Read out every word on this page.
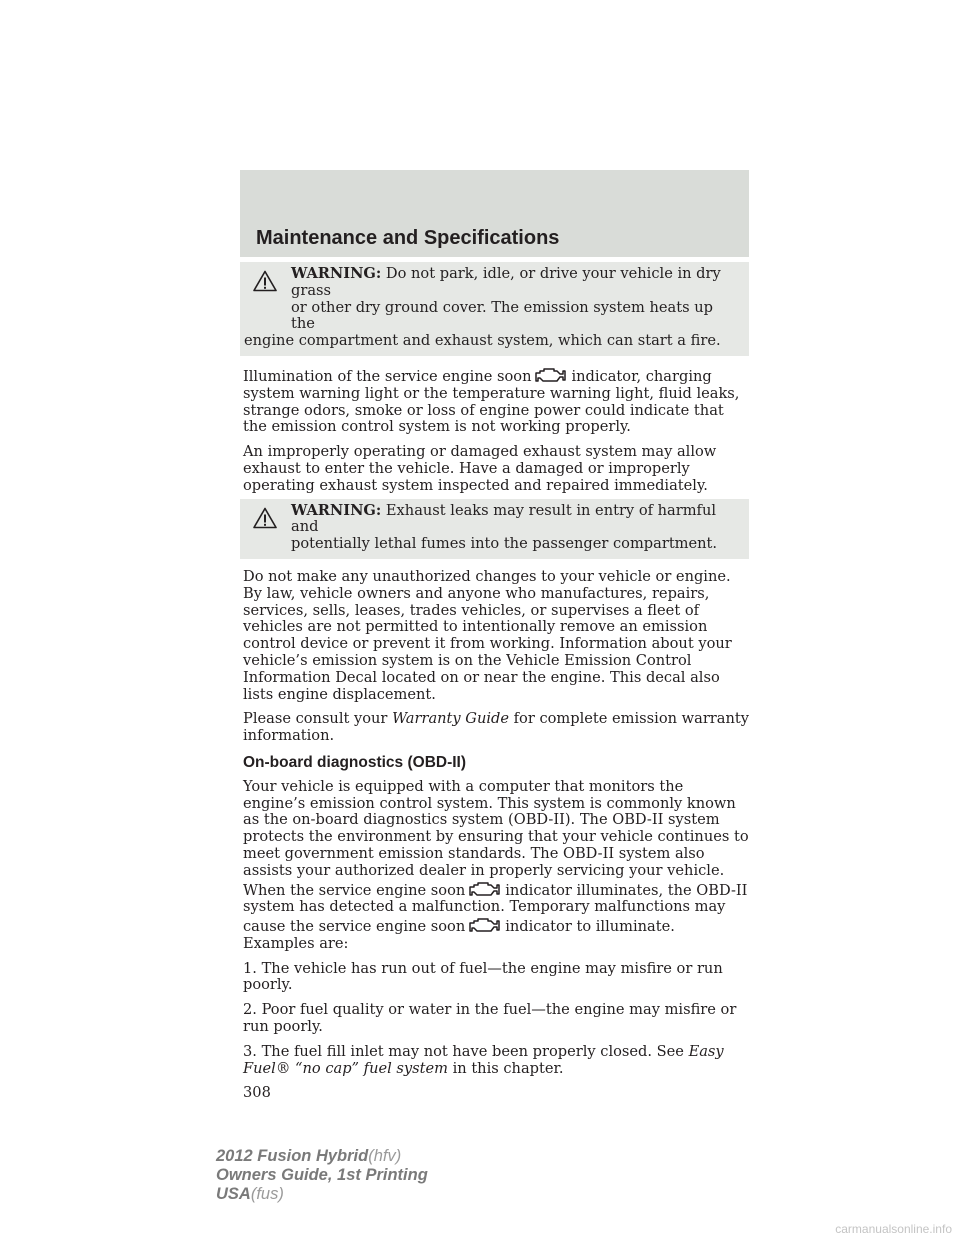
Maintenance and Specifications
WARNING: Do not park, idle, or drive your vehicle in dry grass
or other dry ground cover. The emission system heats up the
engine compartment and exhaust system, which can start a fire.

Illumination of the service engine soon	indicator, charging system warning light or the temperature warning light, fluid leaks, strange odors, smoke or loss of engine power could indicate that the emission control system is not working properly.

An improperly operating or damaged exhaust system may allow exhaust to enter the vehicle. Have a damaged or improperly operating exhaust system inspected and repaired immediately.

WARNING: Exhaust leaks may result in entry of harmful and
potentially lethal fumes into the passenger compartment.

Do not make any unauthorized changes to your vehicle or engine. By law, vehicle owners and anyone who manufactures, repairs, services, sells, leases, trades vehicles, or supervises a fleet of vehicles are not permitted to intentionally remove an emission control device or prevent it from working. Information about your vehicle’s emission system is on the Vehicle Emission Control Information Decal located on or near the engine. This decal also lists engine displacement.

Please consult your Warranty Guide for complete emission warranty information.

On-board diagnostics (OBD-II)

Your vehicle is equipped with a computer that monitors the engine’s emission control system. This system is commonly known as the on-board diagnostics system (OBD-II). The OBD-II system protects the environment by ensuring that your vehicle continues to meet government emission standards. The OBD-II system also assists your authorized dealer in properly servicing your vehicle. When the service engine soon	indicator illuminates, the OBD-II system has detected a malfunction. Temporary malfunctions may cause the service engine soon	indicator to illuminate. Examples are:

1. The vehicle has run out of fuel—the engine may misfire or run poorly.

2. Poor fuel quality or water in the fuel—the engine may misfire or run poorly.

3. The fuel fill inlet may not have been properly closed. See Easy Fuel® “no cap” fuel system in this chapter.

308
2012 Fusion Hybrid(hfv)
Owners Guide, 1st Printing
USA(fus)
carmanualsonline.info
